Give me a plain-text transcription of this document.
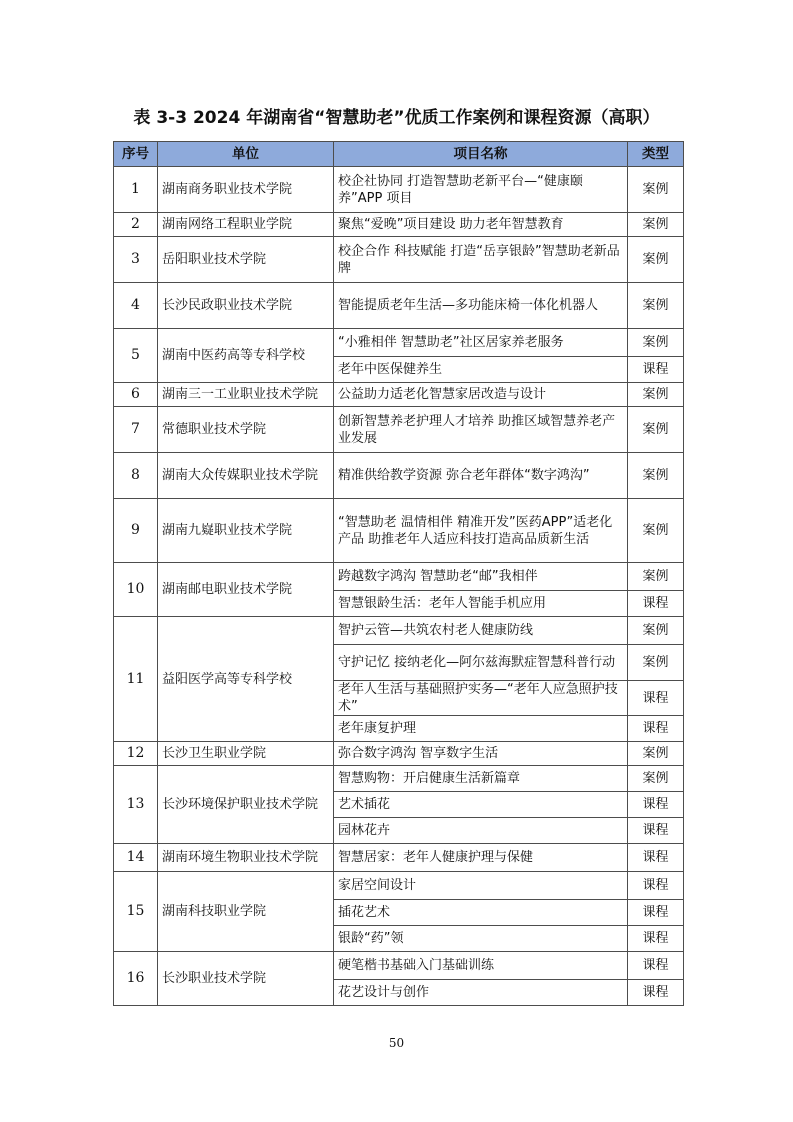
表 3-3 2024 年湖南省“智慧助老”优质工作案例和课程资源（高职）
序号	单位	项目名称	类型
1	湖南商务职业技术学院	校企社协同 打造智慧助老新平台—“健康颐养”APP 项目	案例
2	湖南网络工程职业学院	聚焦“爱晚”项目建设 助力老年智慧教育	案例
3	岳阳职业技术学院	校企合作 科技赋能 打造“岳享银龄”智慧助老新品牌	案例
4	长沙民政职业技术学院	智能提质老年生活—多功能床椅一体化机器人	案例
5	湖南中医药高等专科学校	“小雅相伴 智慧助老”社区居家养老服务	案例
		老年中医保健养生	课程
6	湖南三一工业职业技术学院	公益助力适老化智慧家居改造与设计	案例
7	常德职业技术学院	创新智慧养老护理人才培养 助推区域智慧养老产业发展	案例
8	湖南大众传媒职业技术学院	精准供给教学资源 弥合老年群体“数字鸿沟”	案例
9	湖南九嶷职业技术学院	“智慧助老 温情相伴 精准开发”医药APP”适老化产品 助推老年人适应科技打造高品质新生活	案例
10	湖南邮电职业技术学院	跨越数字鸿沟 智慧助老“邮”我相伴	案例
		智慧银龄生活：老年人智能手机应用	课程
11	益阳医学高等专科学校	智护云管—共筑农村老人健康防线	案例
		守护记忆 接纳老化—阿尔兹海默症智慧科普行动	案例
		老年人生活与基础照护实务—“老年人应急照护技术”	课程
		老年康复护理	课程
12	长沙卫生职业学院	弥合数字鸿沟 智享数字生活	案例
13	长沙环境保护职业技术学院	智慧购物：开启健康生活新篇章	案例
		艺术插花	课程
		园林花卉	课程
14	湖南环境生物职业技术学院	智慧居家：老年人健康护理与保健	课程
15	湖南科技职业学院	家居空间设计	课程
		插花艺术	课程
		银龄“药”领	课程
16	长沙职业技术学院	硬笔楷书基础入门基础训练	课程
		花艺设计与创作	课程
50
